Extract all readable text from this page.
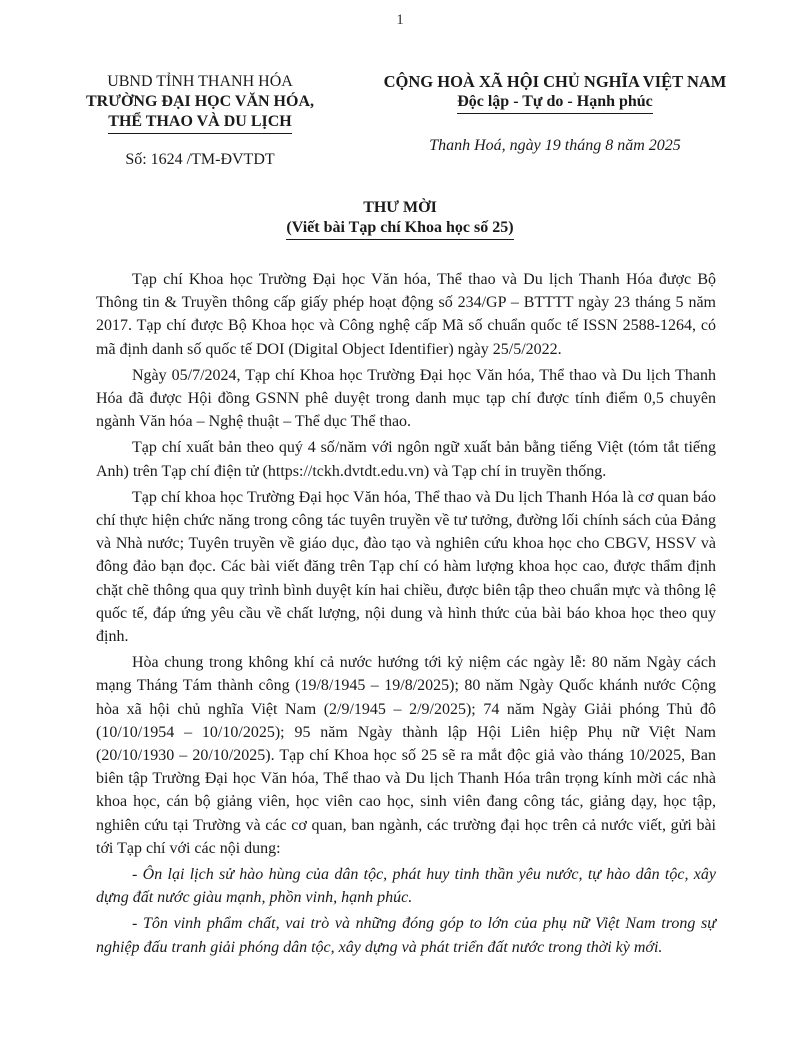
1
UBND TỈNH THANH HÓA
TRƯỜNG ĐẠI HỌC VĂN HÓA,
THỂ THAO VÀ DU LỊCH
Số: 1624 /TM-ĐVTDT
CỘNG HOÀ XÃ HỘI CHỦ NGHĨA VIỆT NAM
Độc lập - Tự do - Hạnh phúc
Thanh Hoá, ngày 19 tháng 8 năm 2025
THƯ MỜI
(Viết bài Tạp chí Khoa học số 25)

Tạp chí Khoa học Trường Đại học Văn hóa, Thể thao và Du lịch Thanh Hóa được Bộ Thông tin & Truyền thông cấp giấy phép hoạt động số 234/GP – BTTTT ngày 23 tháng 5 năm 2017. Tạp chí được Bộ Khoa học và Công nghệ cấp Mã số chuẩn quốc tế ISSN 2588-1264, có mã định danh số quốc tế DOI (Digital Object Identifier) ngày 25/5/2022.

Ngày 05/7/2024, Tạp chí Khoa học Trường Đại học Văn hóa, Thể thao và Du lịch Thanh Hóa đã được Hội đồng GSNN phê duyệt trong danh mục tạp chí được tính điểm 0,5 chuyên ngành Văn hóa – Nghệ thuật – Thể dục Thể thao.

Tạp chí xuất bản theo quý 4 số/năm với ngôn ngữ xuất bản bằng tiếng Việt (tóm tắt tiếng Anh) trên Tạp chí điện tử (https://tckh.dvtdt.edu.vn) và Tạp chí in truyền thống.

Tạp chí khoa học Trường Đại học Văn hóa, Thể thao và Du lịch Thanh Hóa là cơ quan báo chí thực hiện chức năng trong công tác tuyên truyền về tư tưởng, đường lối chính sách của Đảng và Nhà nước; Tuyên truyền về giáo dục, đào tạo và nghiên cứu khoa học cho CBGV, HSSV và đông đảo bạn đọc. Các bài viết đăng trên Tạp chí có hàm lượng khoa học cao, được thẩm định chặt chẽ thông qua quy trình bình duyệt kín hai chiều, được biên tập theo chuẩn mực và thông lệ quốc tế, đáp ứng yêu cầu về chất lượng, nội dung và hình thức của bài báo khoa học theo quy định.

Hòa chung trong không khí cả nước hướng tới kỷ niệm các ngày lễ: 80 năm Ngày cách mạng Tháng Tám thành công (19/8/1945 – 19/8/2025); 80 năm Ngày Quốc khánh nước Cộng hòa xã hội chủ nghĩa Việt Nam (2/9/1945 – 2/9/2025); 74 năm Ngày Giải phóng Thủ đô (10/10/1954 – 10/10/2025); 95 năm Ngày thành lập Hội Liên hiệp Phụ nữ Việt Nam (20/10/1930 – 20/10/2025). Tạp chí Khoa học số 25 sẽ ra mắt độc giả vào tháng 10/2025, Ban biên tập Trường Đại học Văn hóa, Thể thao và Du lịch Thanh Hóa trân trọng kính mời các nhà khoa học, cán bộ giảng viên, học viên cao học, sinh viên đang công tác, giảng dạy, học tập, nghiên cứu tại Trường và các cơ quan, ban ngành, các trường đại học trên cả nước viết, gửi bài tới Tạp chí với các nội dung:

- Ôn lại lịch sử hào hùng của dân tộc, phát huy tinh thần yêu nước, tự hào dân tộc, xây dựng đất nước giàu mạnh, phồn vinh, hạnh phúc.

- Tôn vinh phẩm chất, vai trò và những đóng góp to lớn của phụ nữ Việt Nam trong sự nghiệp đấu tranh giải phóng dân tộc, xây dựng và phát triển đất nước trong thời kỳ mới.
